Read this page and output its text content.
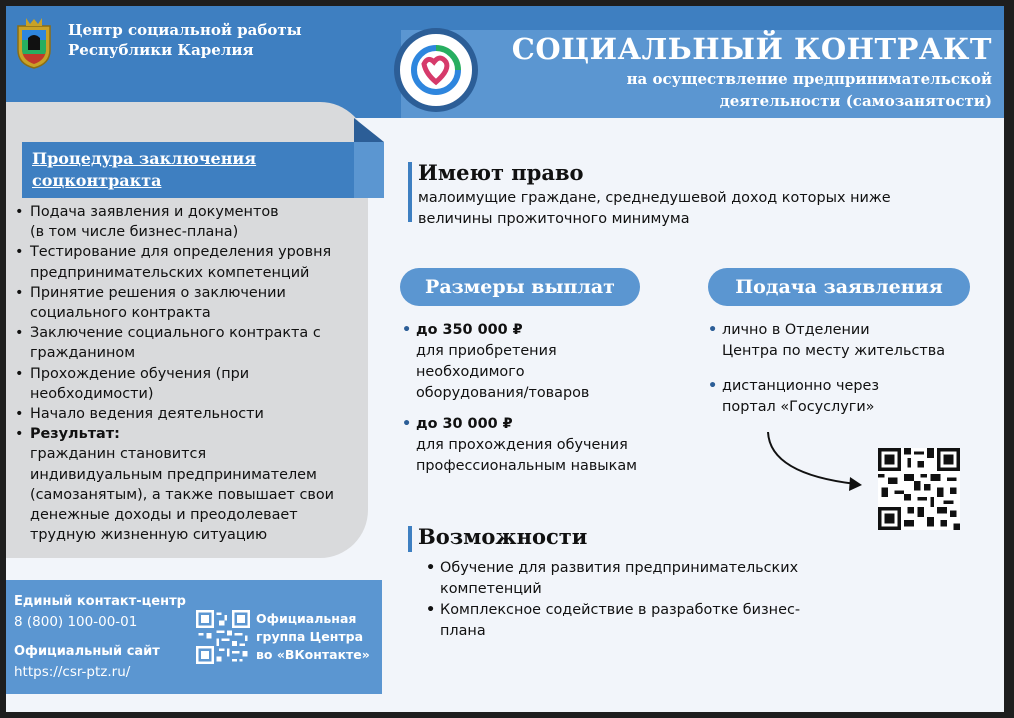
Центр социальной работы
Республики Карелия	СОЦИАЛЬНЫЙ КОНТРАКТ
на осуществление предпринимательской
деятельности (самозанятости)
Процедура заключения
соцконтракта
• Подача заявления и документов
(в том числе бизнес-плана)
• Тестирование для определения уровня
предпринимательских компетенций
• Принятие решения о заключении
социального контракта
• Заключение социального контракта с
гражданином
• Прохождение обучения (при
необходимости)
• Начало ведения деятельности
• Результат:
гражданин становится
индивидуальным предпринимателем
(самозанятым), а также повышает свои
денежные доходы и преодолевает
трудную жизненную ситуацию
Единый контакт-центр
8 (800) 100-00-01
Официальный сайт
https://csr-ptz.ru/
Официальная
группа Центра
во «ВКонтакте»
Имеют право
малоимущие граждане, среднедушевой доход которых ниже
величины прожиточного минимума
Размеры выплат	Подача заявления
• до 350 000 ₽
для приобретения
необходимого
оборудования/товаров
• до 30 000 ₽
для прохождения обучения
профессиональным навыкам
• лично в Отделении
Центра по месту жительства
• дистанционно через
портал «Госуслуги»
Возможности
• Обучение для развития предпринимательских
компетенций
• Комплексное содействие в разработке бизнес-
плана
